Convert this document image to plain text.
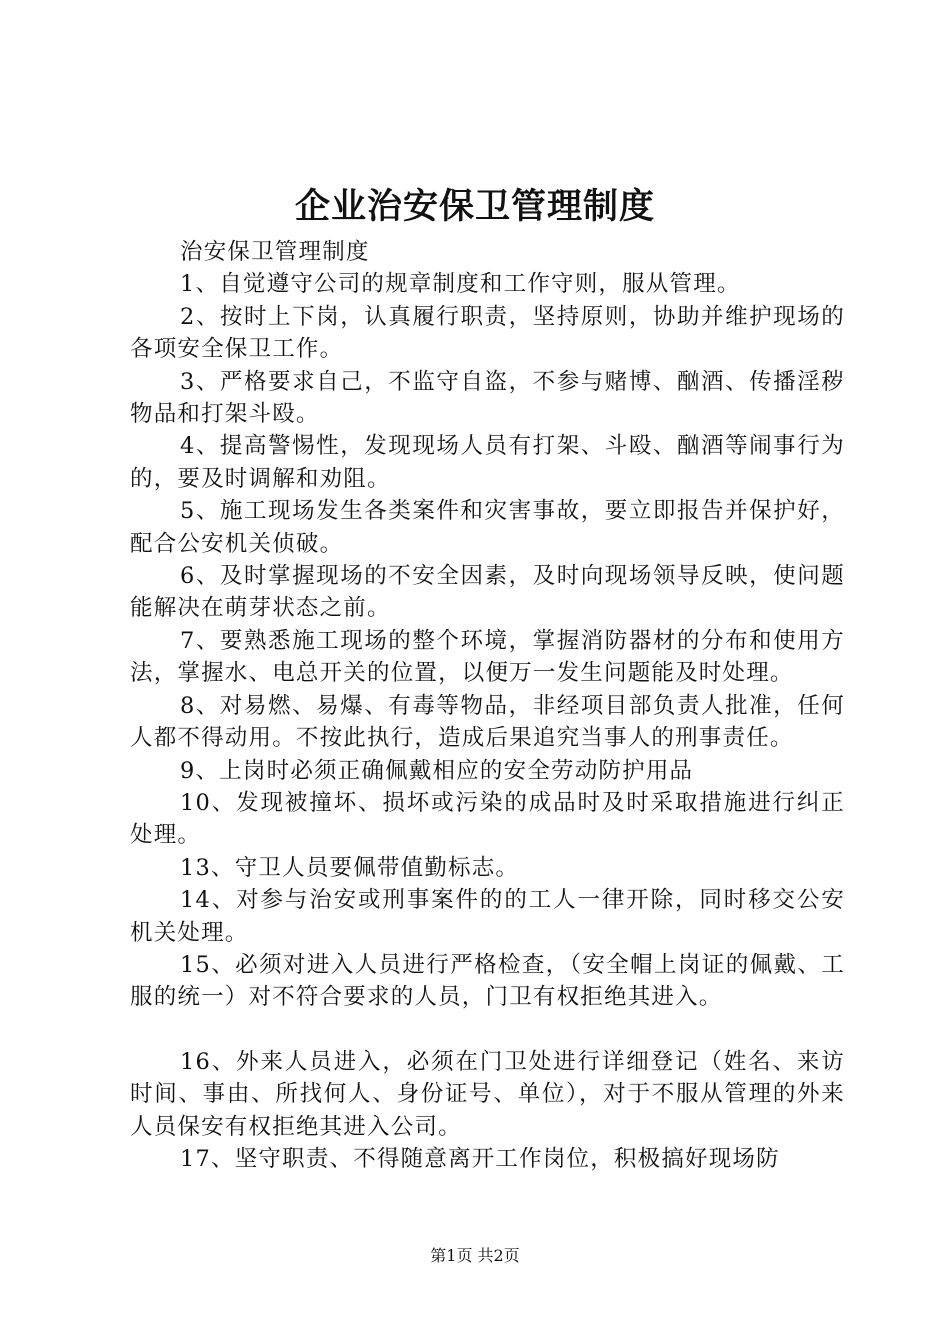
企业治安保卫管理制度

治安保卫管理制度

1、自觉遵守公司的规章制度和工作守则，服从管理。

2、按时上下岗，认真履行职责，坚持原则，协助并维护现场的各项安全保卫工作。

3、严格要求自己，不监守自盗，不参与赌博、酗酒、传播淫秽物品和打架斗殴。

4、提高警惕性，发现现场人员有打架、斗殴、酗酒等闹事行为的，要及时调解和劝阻。

5、施工现场发生各类案件和灾害事故，要立即报告并保护好，配合公安机关侦破。

6、及时掌握现场的不安全因素，及时向现场领导反映，使问题能解决在萌芽状态之前。

7、要熟悉施工现场的整个环境，掌握消防器材的分布和使用方法，掌握水、电总开关的位置，以便万一发生问题能及时处理。

8、对易燃、易爆、有毒等物品，非经项目部负责人批准，任何人都不得动用。不按此执行，造成后果追究当事人的刑事责任。

9、上岗时必须正确佩戴相应的安全劳动防护用品

10、发现被撞坏、损坏或污染的成品时及时采取措施进行纠正处理。

13、守卫人员要佩带值勤标志。

14、对参与治安或刑事案件的的工人一律开除，同时移交公安机关处理。

15、必须对进入人员进行严格检查，（安全帽上岗证的佩戴、工服的统一）对不符合要求的人员，门卫有权拒绝其进入。

16、外来人员进入，必须在门卫处进行详细登记（姓名、来访时间、事由、所找何人、身份证号、单位），对于不服从管理的外来人员保安有权拒绝其进入公司。

17、坚守职责、不得随意离开工作岗位，积极搞好现场防

第1页 共2页
